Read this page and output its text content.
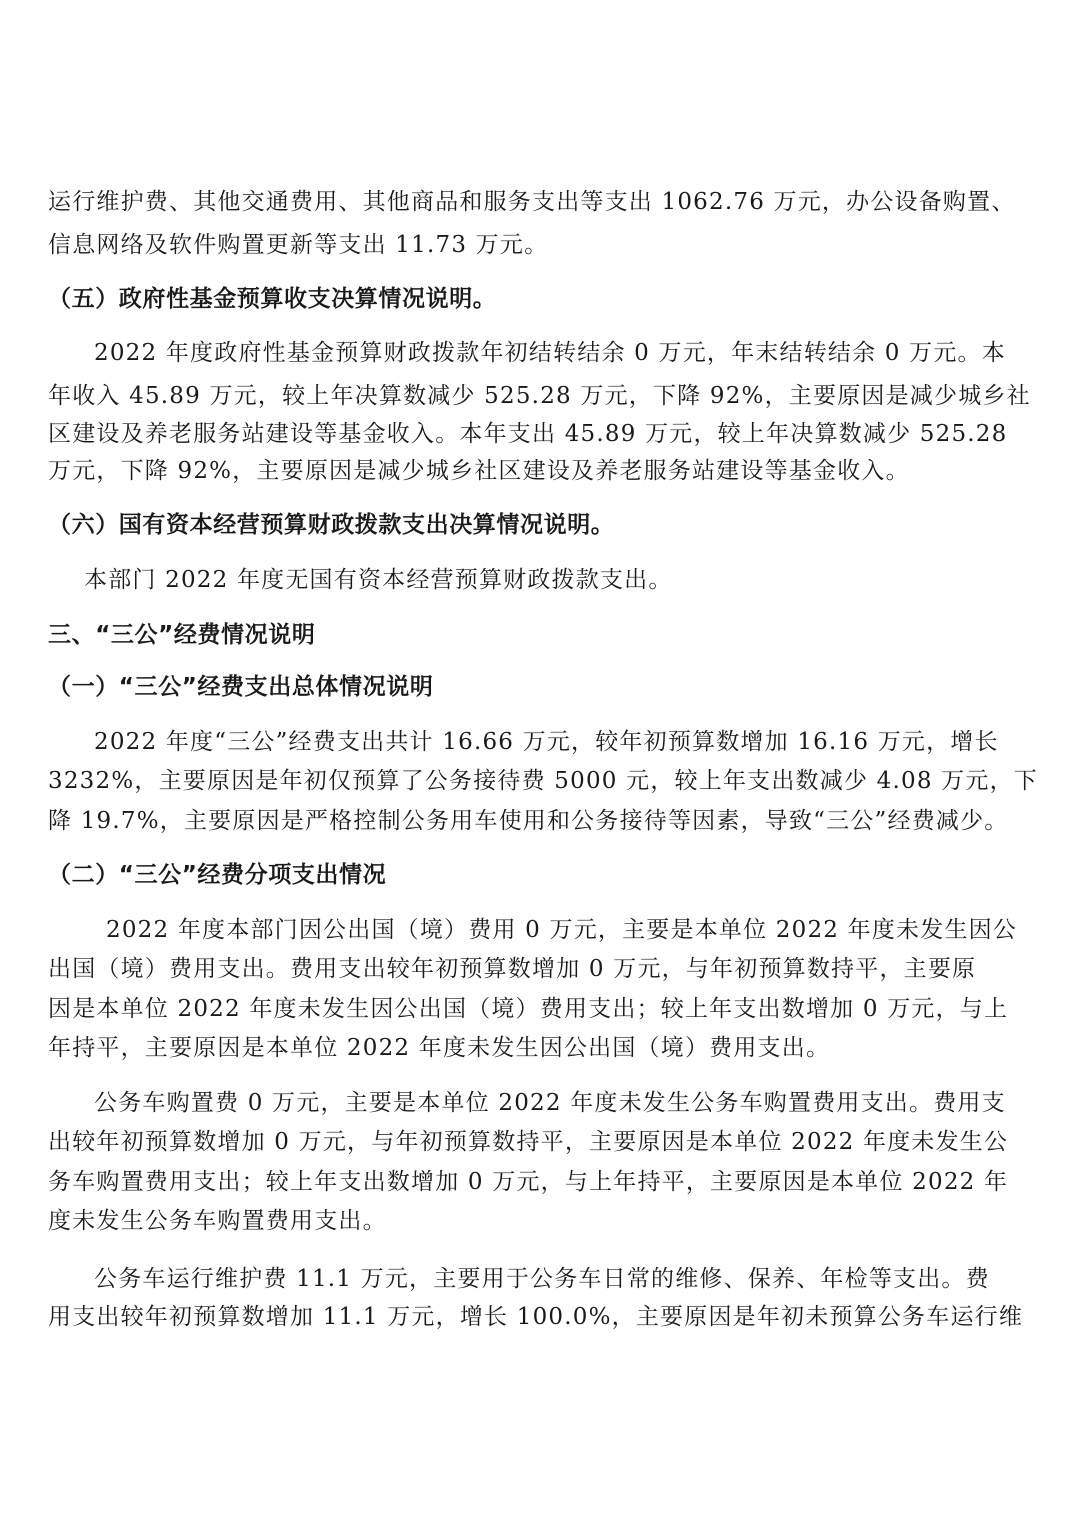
运行维护费、其他交通费用、其他商品和服务支出等支出 1062.76 万元，办公设备购置、
信息网络及软件购置更新等支出 11.73 万元。
（五）政府性基金预算收支决算情况说明。
2022 年度政府性基金预算财政拨款年初结转结余 0 万元，年末结转结余 0 万元。本
年收入 45.89 万元，较上年决算数减少 525.28 万元，下降 92%，主要原因是减少城乡社
区建设及养老服务站建设等基金收入。本年支出 45.89 万元，较上年决算数减少 525.28
万元，下降 92%，主要原因是减少城乡社区建设及养老服务站建设等基金收入。
（六）国有资本经营预算财政拨款支出决算情况说明。
本部门 2022 年度无国有资本经营预算财政拨款支出。
三、“三公”经费情况说明
（一）“三公”经费支出总体情况说明
2022 年度“三公”经费支出共计 16.66 万元，较年初预算数增加 16.16 万元，增长
3232%，主要原因是年初仅预算了公务接待费 5000 元，较上年支出数减少 4.08 万元，下
降 19.7%，主要原因是严格控制公务用车使用和公务接待等因素，导致“三公”经费减少。
（二）“三公”经费分项支出情况
2022 年度本部门因公出国（境）费用 0 万元，主要是本单位 2022 年度未发生因公
出国（境）费用支出。费用支出较年初预算数增加 0 万元，与年初预算数持平，主要原
因是本单位 2022 年度未发生因公出国（境）费用支出；较上年支出数增加 0 万元，与上
年持平，主要原因是本单位 2022 年度未发生因公出国（境）费用支出。
公务车购置费 0 万元，主要是本单位 2022 年度未发生公务车购置费用支出。费用支
出较年初预算数增加 0 万元，与年初预算数持平，主要原因是本单位 2022 年度未发生公
务车购置费用支出；较上年支出数增加 0 万元，与上年持平，主要原因是本单位 2022 年
度未发生公务车购置费用支出。
公务车运行维护费 11.1 万元，主要用于公务车日常的维修、保养、年检等支出。费
用支出较年初预算数增加 11.1 万元，增长 100.0%，主要原因是年初未预算公务车运行维
